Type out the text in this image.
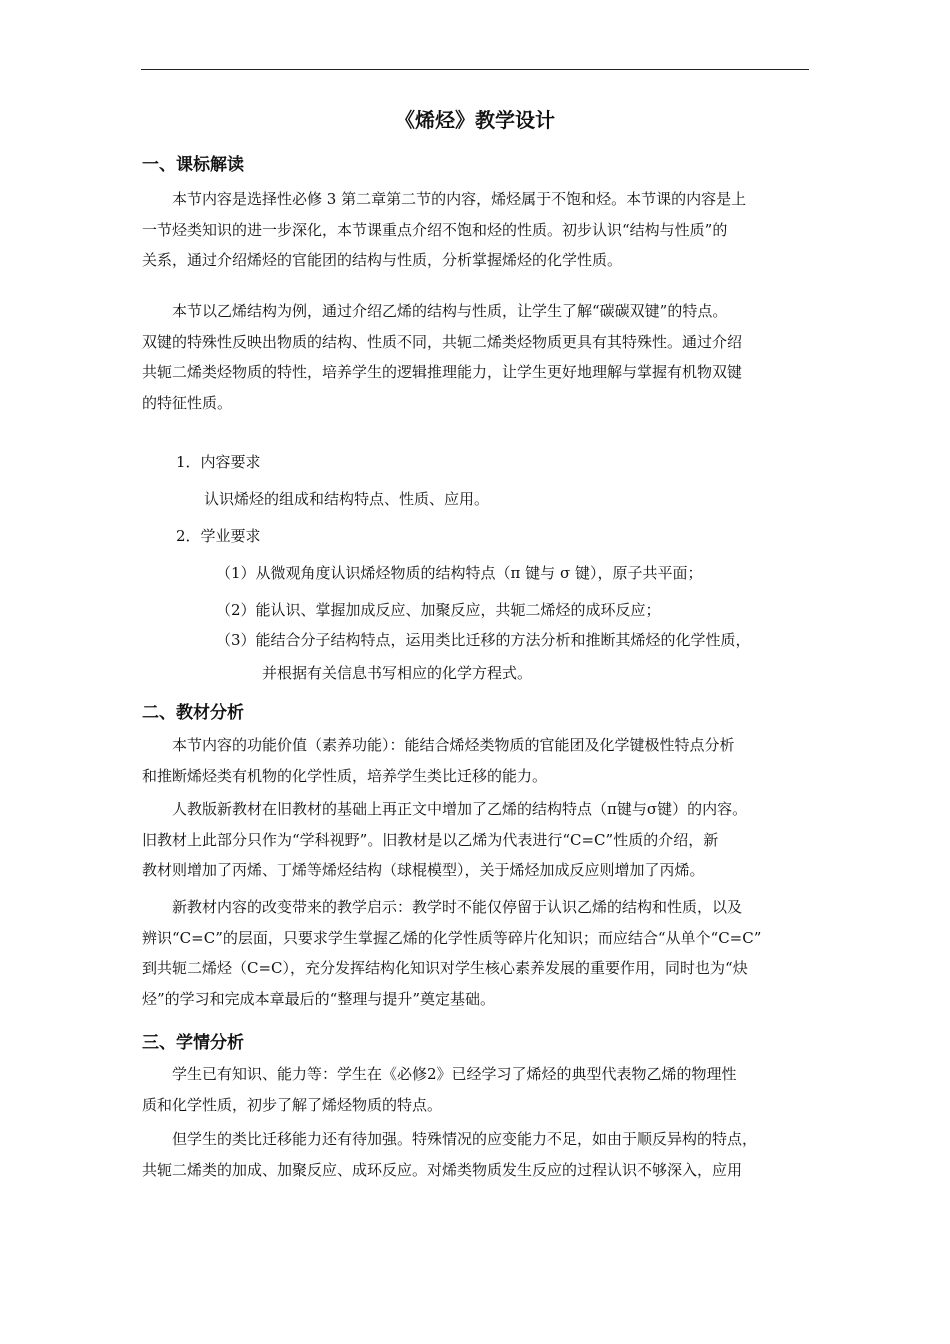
《烯烃》教学设计
一、课标解读
本节内容是选择性必修 3 第二章第二节的内容，烯烃属于不饱和烃。本节课的内容是上
一节烃类知识的进一步深化，本节课重点介绍不饱和烃的性质。初步认识“结构与性质”的
关系，通过介绍烯烃的官能团的结构与性质，分析掌握烯烃的化学性质。
本节以乙烯结构为例，通过介绍乙烯的结构与性质，让学生了解“碳碳双键”的特点。
双键的特殊性反映出物质的结构、性质不同，共轭二烯类烃物质更具有其特殊性。通过介绍
共轭二烯类烃物质的特性，培养学生的逻辑推理能力，让学生更好地理解与掌握有机物双键
的特征性质。
1．内容要求
认识烯烃的组成和结构特点、性质、应用。
2．学业要求
（1）从微观角度认识烯烃物质的结构特点（π 键与 σ 键），原子共平面；
（2）能认识、掌握加成反应、加聚反应，共轭二烯烃的成环反应；
（3）能结合分子结构特点，运用类比迁移的方法分析和推断其烯烃的化学性质，
并根据有关信息书写相应的化学方程式。
二、教材分析
本节内容的功能价值（素养功能）：能结合烯烃类物质的官能团及化学键极性特点分析
和推断烯烃类有机物的化学性质，培养学生类比迁移的能力。
人教版新教材在旧教材的基础上再正文中增加了乙烯的结构特点（π键与σ键）的内容。
旧教材上此部分只作为“学科视野”。旧教材是以乙烯为代表进行“C=C”性质的介绍，新
教材则增加了丙烯、丁烯等烯烃结构（球棍模型），关于烯烃加成反应则增加了丙烯。
新教材内容的改变带来的教学启示：教学时不能仅停留于认识乙烯的结构和性质，以及
辨识“C=C”的层面，只要求学生掌握乙烯的化学性质等碎片化知识；而应结合“从单个“C=C”
到共轭二烯烃（C=C），充分发挥结构化知识对学生核心素养发展的重要作用，同时也为“炔
烃”的学习和完成本章最后的“整理与提升”奠定基础。
三、学情分析
学生已有知识、能力等：学生在《必修2》已经学习了烯烃的典型代表物乙烯的物理性
质和化学性质，初步了解了烯烃物质的特点。
但学生的类比迁移能力还有待加强。特殊情况的应变能力不足，如由于顺反异构的特点，
共轭二烯类的加成、加聚反应、成环反应。对烯类物质发生反应的过程认识不够深入，应用
